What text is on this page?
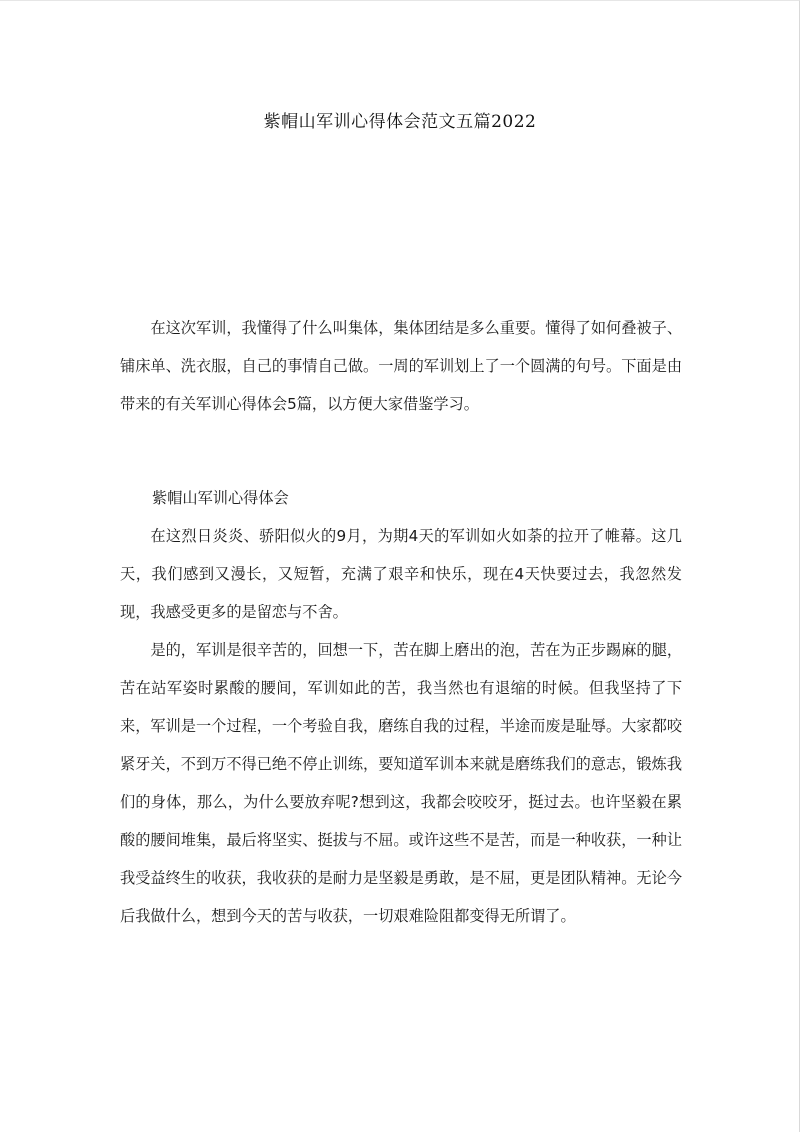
紫帽山军训心得体会范文五篇2022

在这次军训，我懂得了什么叫集体，集体团结是多么重要。懂得了如何叠被子、铺床单、洗衣服，自己的事情自己做。一周的军训划上了一个圆满的句号。下面是由带来的有关军训心得体会5篇，以方便大家借鉴学习。

紫帽山军训心得体会

在这烈日炎炎、骄阳似火的9月，为期4天的军训如火如荼的拉开了帷幕。这几天，我们感到又漫长，又短暂，充满了艰辛和快乐，现在4天快要过去，我忽然发现，我感受更多的是留恋与不舍。

是的，军训是很辛苦的，回想一下，苦在脚上磨出的泡，苦在为正步踢麻的腿，苦在站军姿时累酸的腰间，军训如此的苦，我当然也有退缩的时候。但我坚持了下来，军训是一个过程，一个考验自我，磨练自我的过程，半途而废是耻辱。大家都咬紧牙关，不到万不得已绝不停止训练，要知道军训本来就是磨练我们的意志，锻炼我们的身体，那么，为什么要放弃呢?想到这，我都会咬咬牙，挺过去。也许坚毅在累酸的腰间堆集，最后将坚实、挺拔与不屈。或许这些不是苦，而是一种收获，一种让我受益终生的收获，我收获的是耐力是坚毅是勇敢，是不屈，更是团队精神。无论今后我做什么，想到今天的苦与收获，一切艰难险阻都变得无所谓了。
